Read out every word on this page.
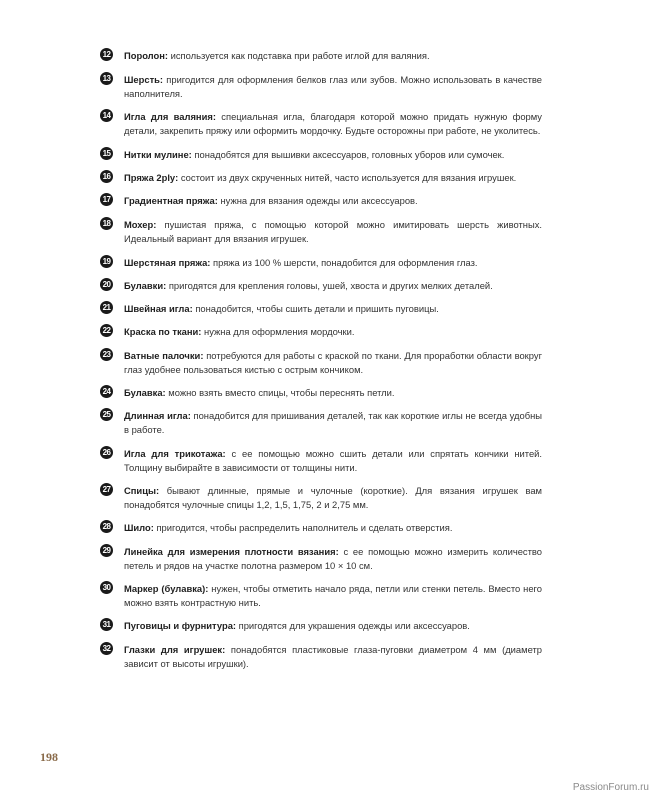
12 Поролон: используется как подставка при работе иглой для валяния.
13 Шерсть: пригодится для оформления белков глаз или зубов. Можно использовать в качестве наполнителя.
14 Игла для валяния: специальная игла, благодаря которой можно придать нужную форму детали, закрепить пряжу или оформить мордочку. Будьте осторожны при работе, не уколитесь.
15 Нитки мулине: понадобятся для вышивки аксессуаров, головных уборов или сумочек.
16 Пряжа 2ply: состоит из двух скрученных нитей, часто используется для вязания игрушек.
17 Градиентная пряжа: нужна для вязания одежды или аксессуаров.
18 Мохер: пушистая пряжа, с помощью которой можно имитировать шерсть животных. Идеальный вариант для вязания игрушек.
19 Шерстяная пряжа: пряжа из 100 % шерсти, понадобится для оформления глаз.
20 Булавки: пригодятся для крепления головы, ушей, хвоста и других мелких деталей.
21 Швейная игла: понадобится, чтобы сшить детали и пришить пуговицы.
22 Краска по ткани: нужна для оформления мордочки.
23 Ватные палочки: потребуются для работы с краской по ткани. Для проработки области вокруг глаз удобнее пользоваться кистью с острым кончиком.
24 Булавка: можно взять вместо спицы, чтобы переснять петли.
25 Длинная игла: понадобится для пришивания деталей, так как короткие иглы не всегда удобны в работе.
26 Игла для трикотажа: с ее помощью можно сшить детали или спрятать кончики нитей. Толщину выбирайте в зависимости от толщины нити.
27 Спицы: бывают длинные, прямые и чулочные (короткие). Для вязания игрушек вам понадобятся чулочные спицы 1,2, 1,5, 1,75, 2 и 2,75 мм.
28 Шило: пригодится, чтобы распределить наполнитель и сделать отверстия.
29 Линейка для измерения плотности вязания: с ее помощью можно измерить количество петель и рядов на участке полотна размером 10 × 10 см.
30 Маркер (булавка): нужен, чтобы отметить начало ряда, петли или стенки петель. Вместо него можно взять контрастную нить.
31 Пуговицы и фурнитура: пригодятся для украшения одежды или аксессуаров.
32 Глазки для игрушек: понадобятся пластиковые глаза-пуговки диаметром 4 мм (диаметр зависит от высоты игрушки).
198
PassionForum.ru
